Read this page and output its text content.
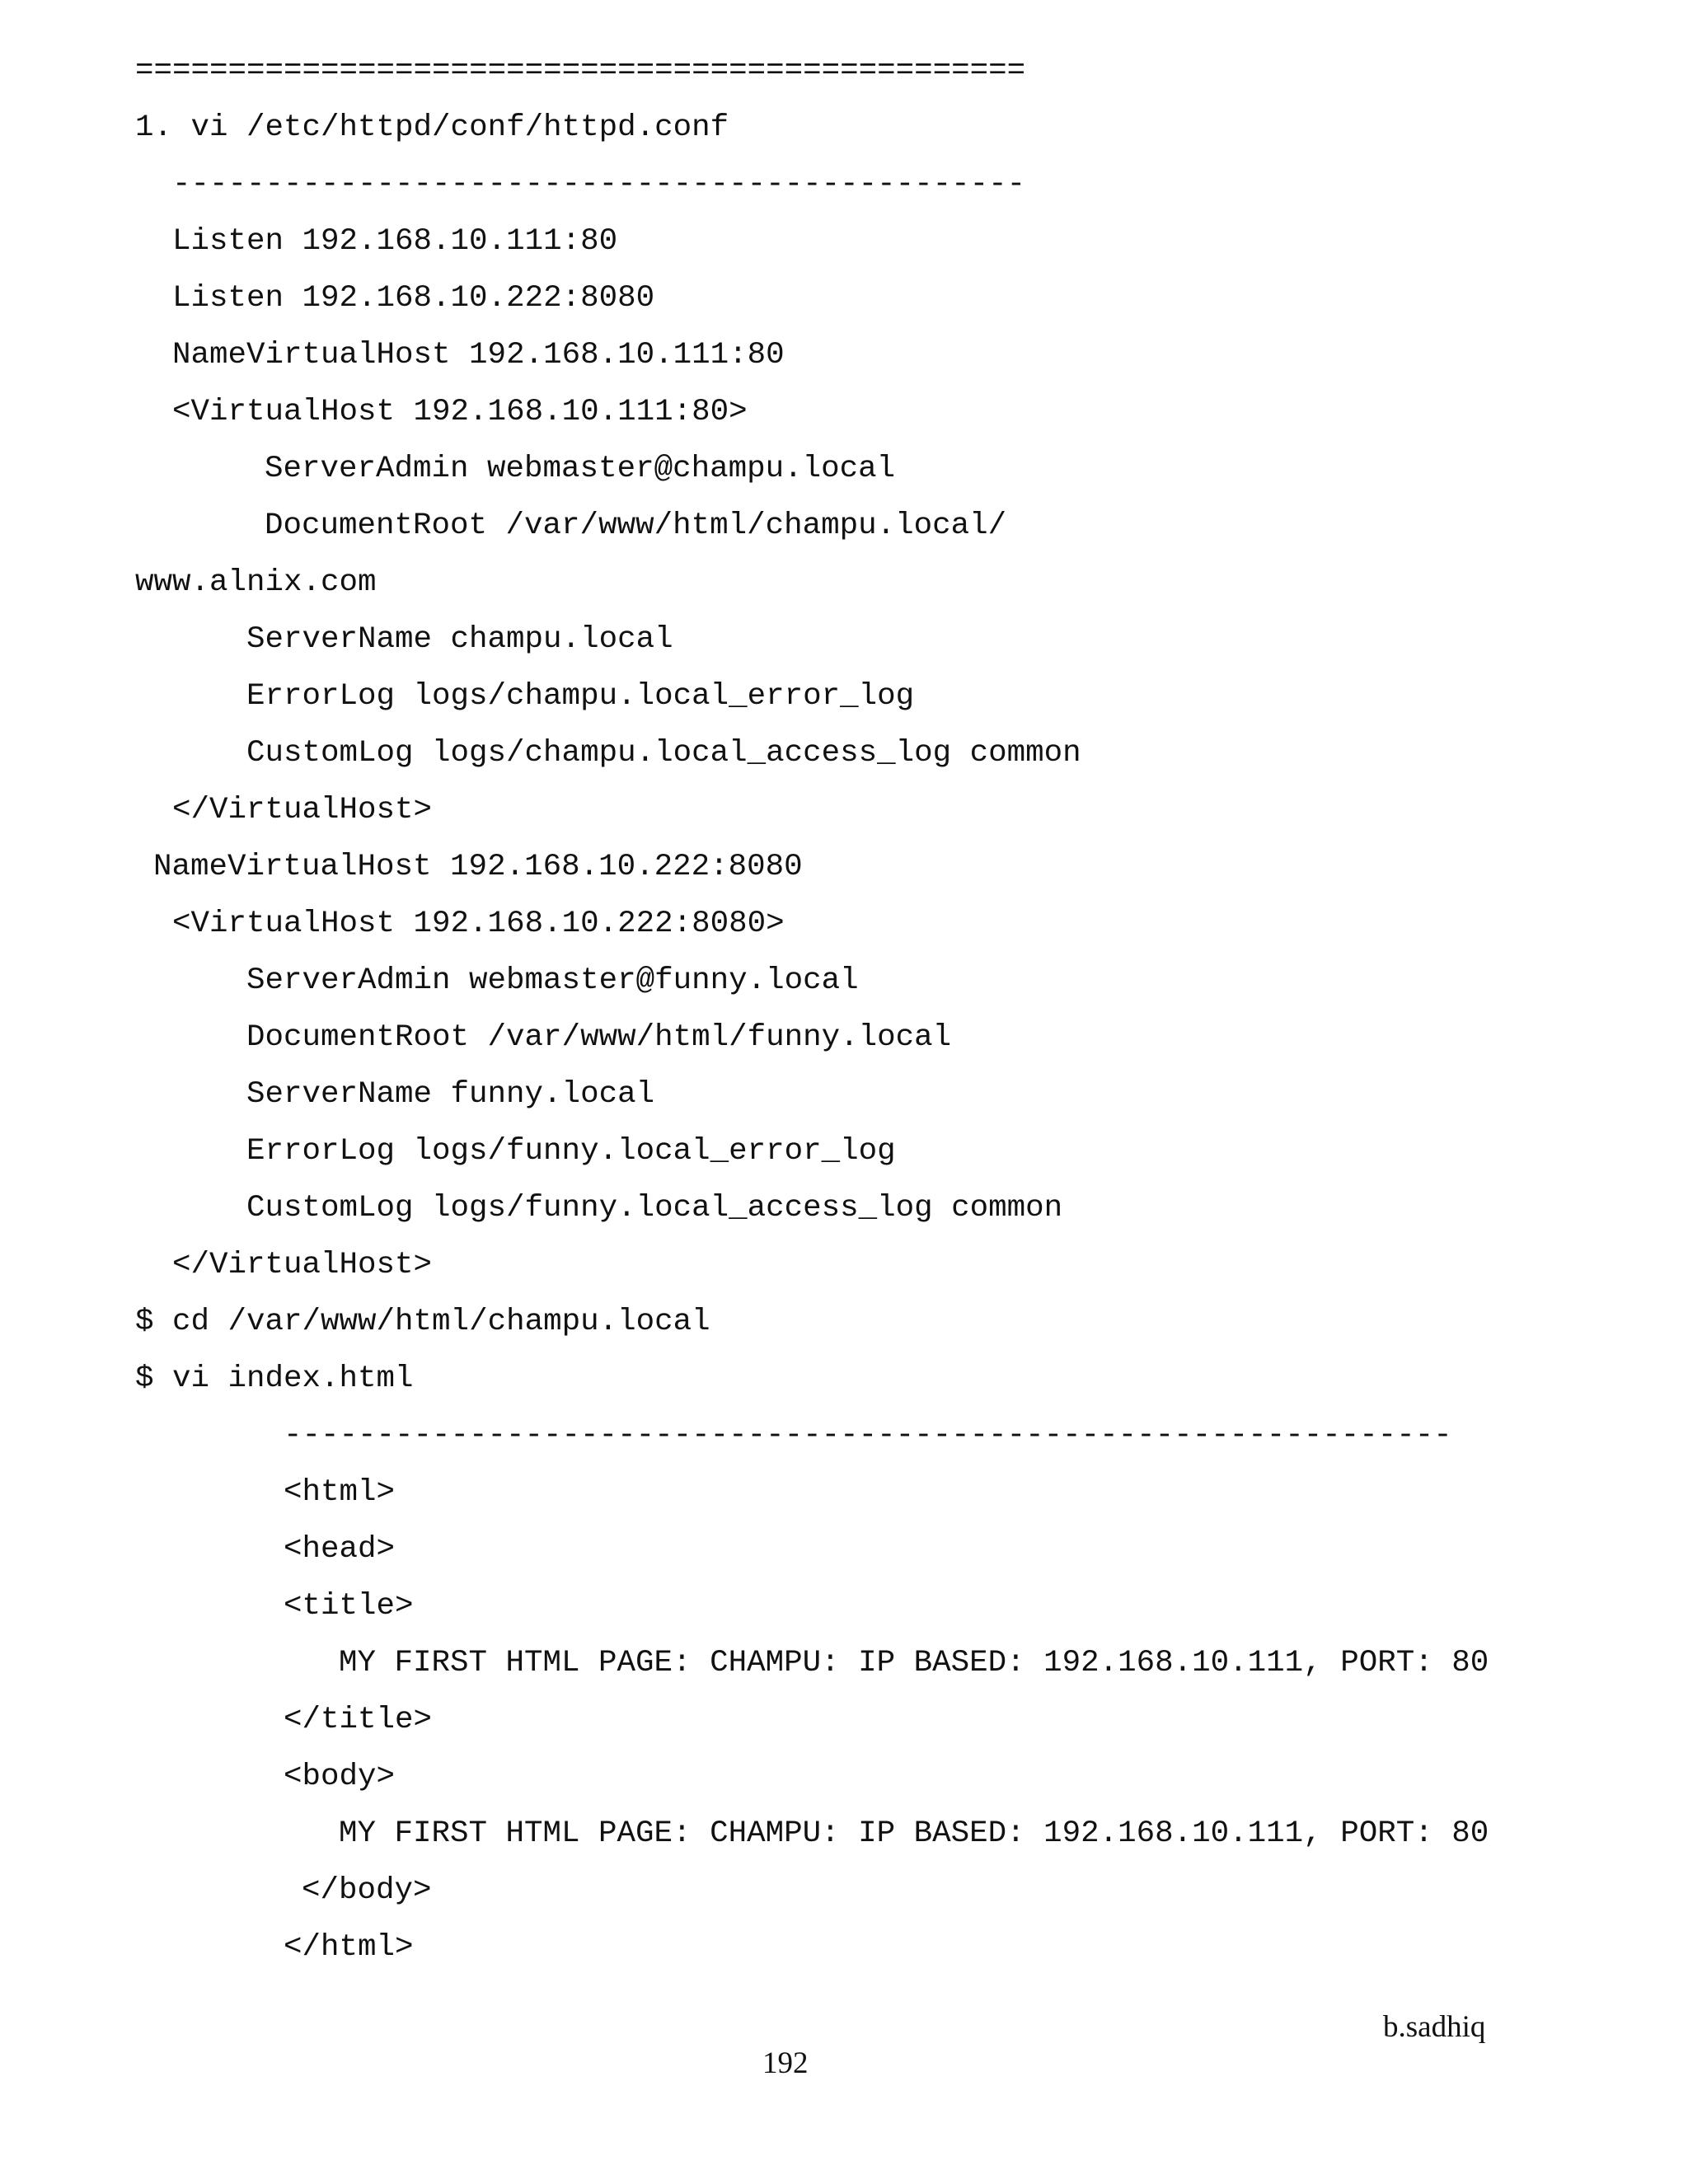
================================================
1. vi /etc/httpd/conf/httpd.conf
----------------------------------------------
Listen 192.168.10.111:80
Listen 192.168.10.222:8080
NameVirtualHost 192.168.10.111:80
<VirtualHost 192.168.10.111:80>
ServerAdmin webmaster@champu.local
DocumentRoot /var/www/html/champu.local/
www.alnix.com
ServerName champu.local
ErrorLog logs/champu.local_error_log
CustomLog logs/champu.local_access_log common
</VirtualHost>
NameVirtualHost 192.168.10.222:8080
<VirtualHost 192.168.10.222:8080>
ServerAdmin webmaster@funny.local
DocumentRoot /var/www/html/funny.local
ServerName funny.local
ErrorLog logs/funny.local_error_log
CustomLog logs/funny.local_access_log common
</VirtualHost>
$ cd /var/www/html/champu.local
$ vi index.html
---------------------------------------------------------------
<html>
<head>
<title>
MY FIRST HTML PAGE: CHAMPU: IP BASED: 192.168.10.111, PORT: 80
</title>
<body>
MY FIRST HTML PAGE: CHAMPU: IP BASED: 192.168.10.111, PORT: 80
</body>
</html>
b.sadhiq
192
